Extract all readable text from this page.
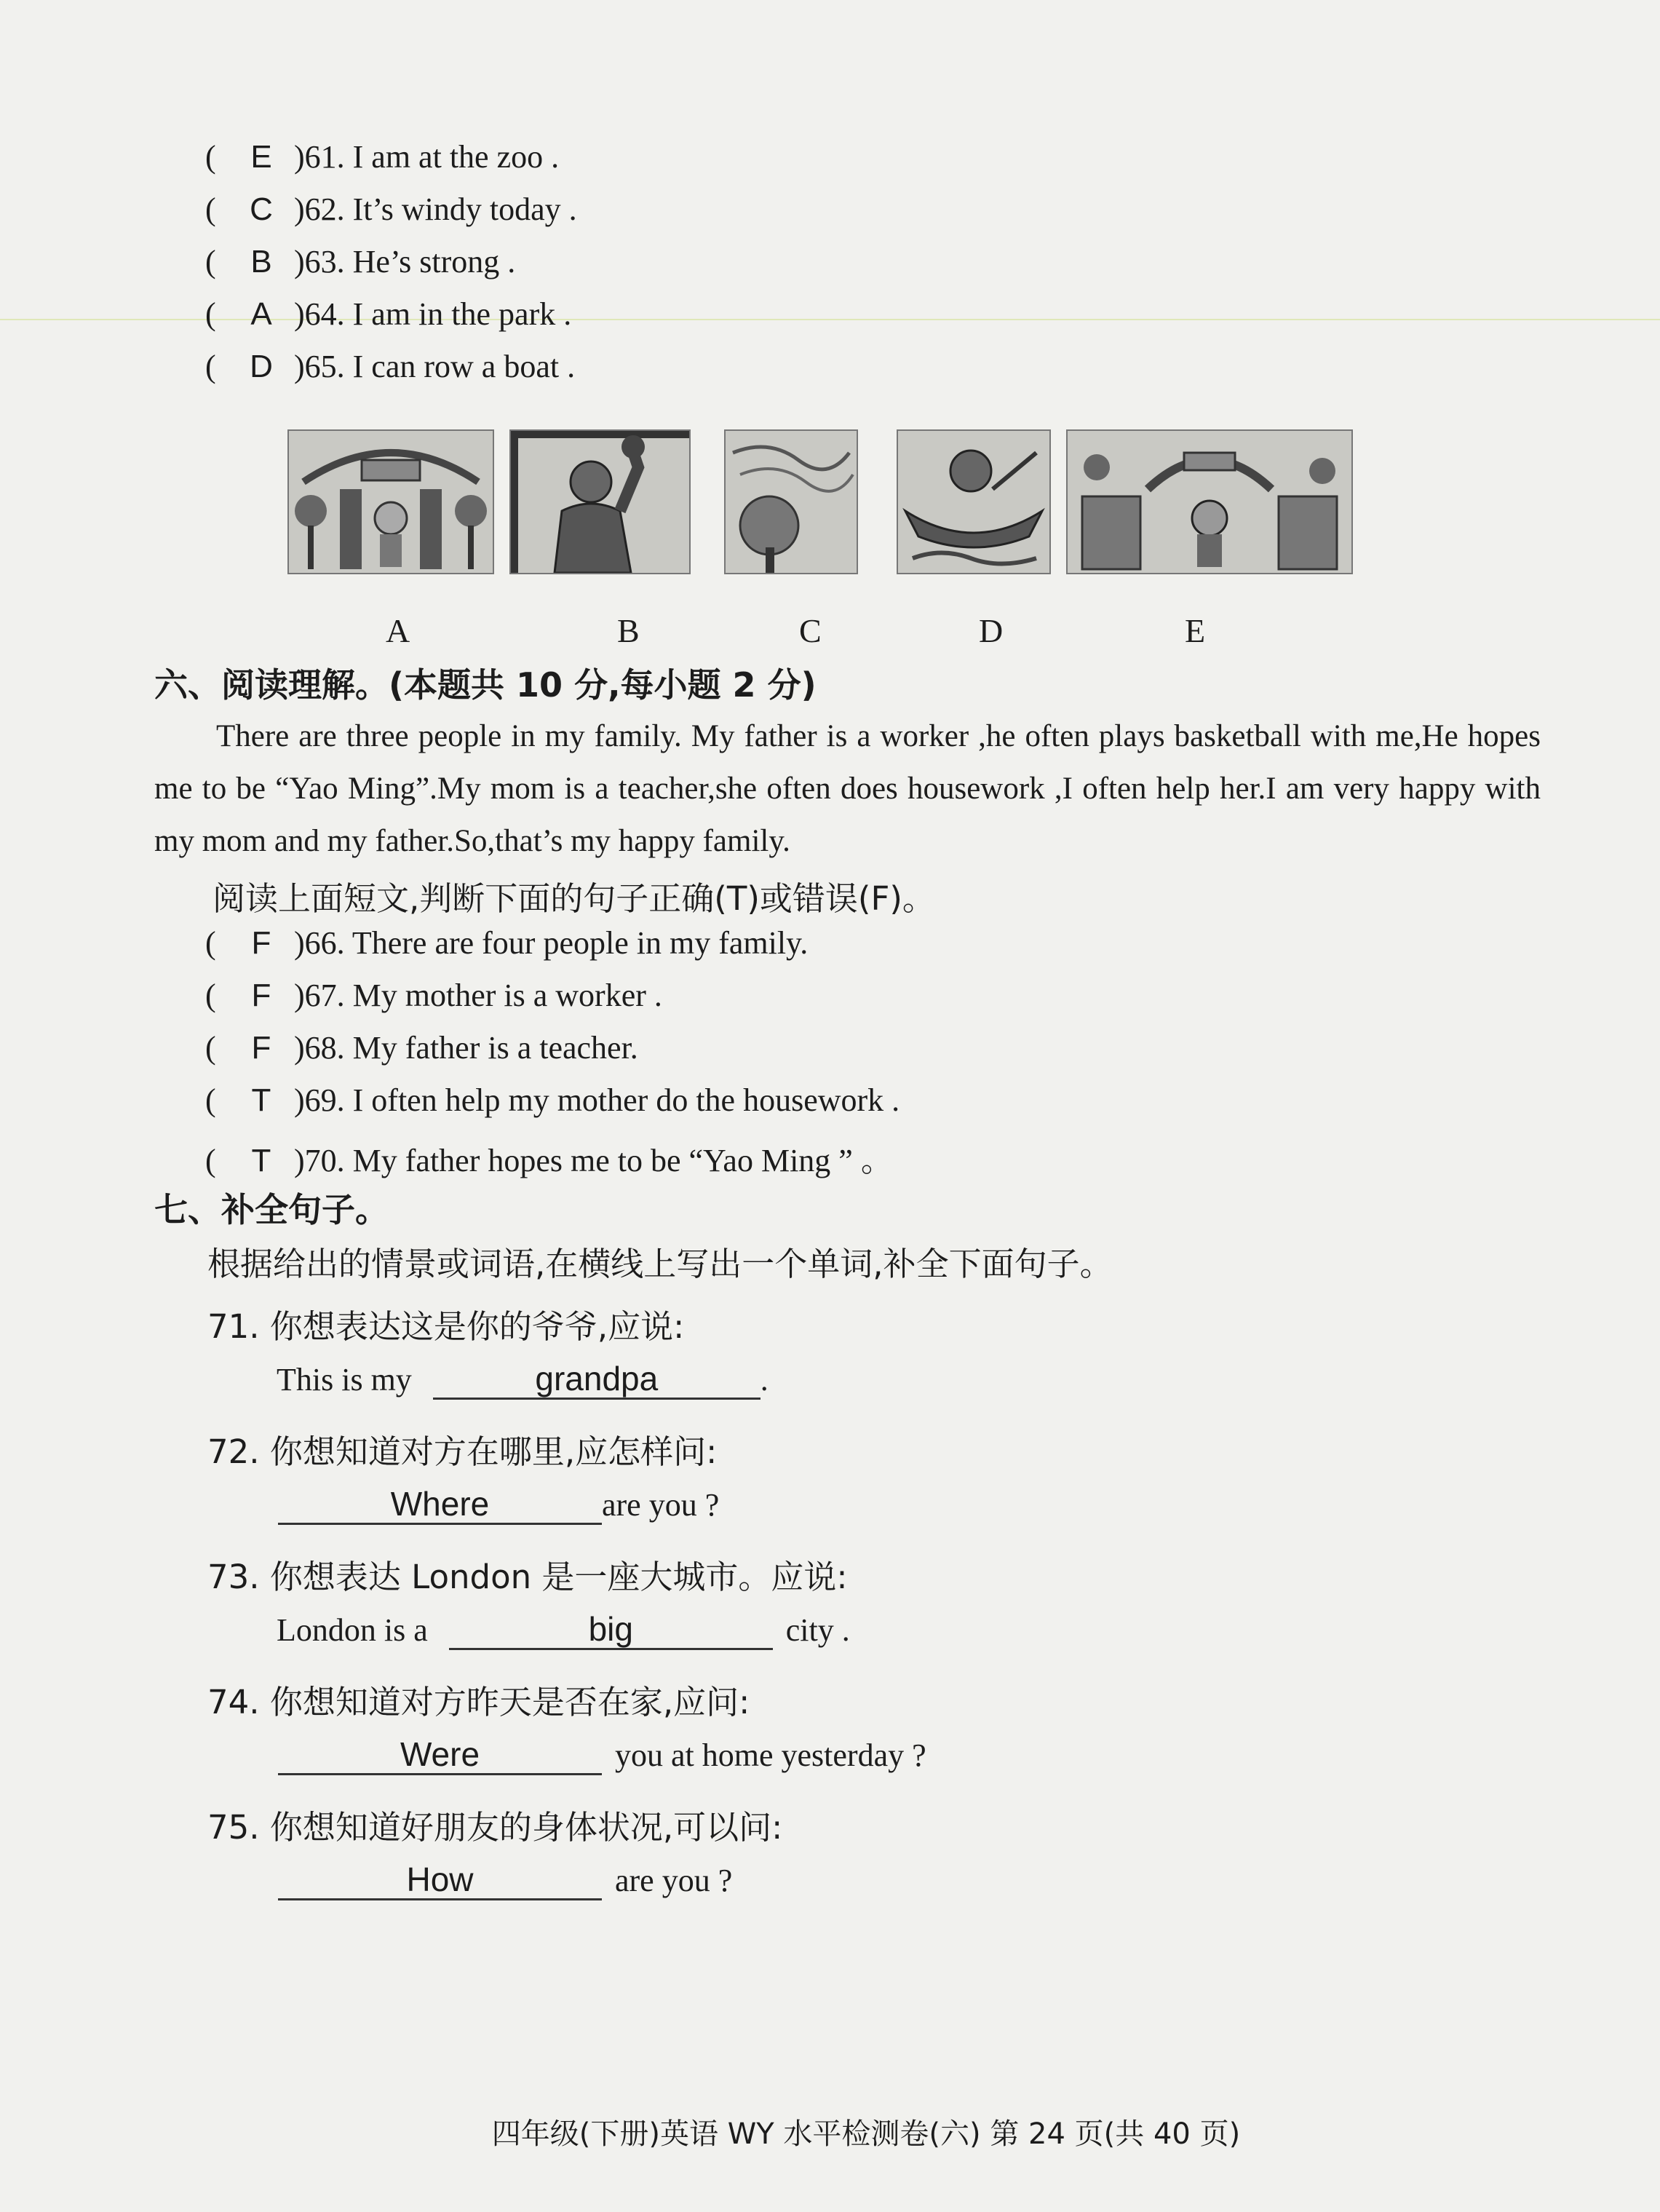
( E )61. I am at the zoo .
( C )62. It’s windy today .
( B )63. He’s strong .
( A )64. I am in the park .
( D )65. I can row a boat .
A	B	C	D	E
六、阅读理解。(本题共 10 分,每小题 2 分)
There are three people in my family. My father is a worker ,he often plays basketball with me,He hopes me to be “Yao Ming”.My mom is a teacher,she often does housework ,I often help her.I am very happy with my mom and my father.So,that’s my happy family.
阅读上面短文,判断下面的句子正确(T)或错误(F)。
( F )66. There are four people in my family.
( F )67. My mother is a worker .
( F )68. My father is a teacher.
( T )69. I often help my mother do the housework .
( T )70. My father hopes me to be “Yao Ming ” 。
七、补全句子。
根据给出的情景或词语,在横线上写出一个单词,补全下面句子。
71. 你想表达这是你的爷爷,应说:
This is my	grandpa	.
72. 你想知道对方在哪里,应怎样问:
Where	are you ?
73. 你想表达 London 是一座大城市。应说:
London is a	big	city .
74. 你想知道对方昨天是否在家,应问:
Were	you at home yesterday ?
75. 你想知道好朋友的身体状况,可以问:
How	are you ?
四年级(下册)英语 WY 水平检测卷(六) 第 24 页(共 40 页)
